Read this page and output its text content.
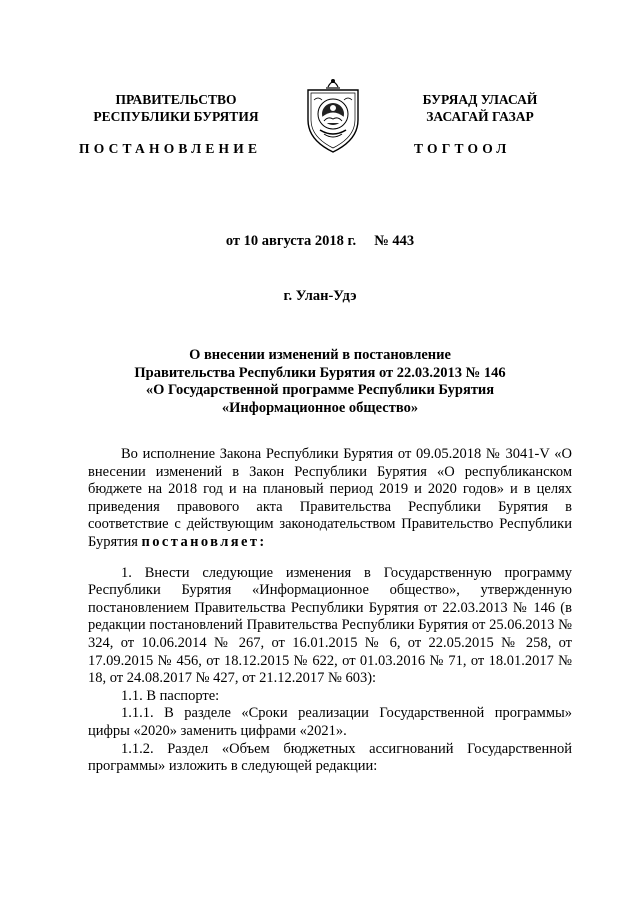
ПРАВИТЕЛЬСТВО
РЕСПУБЛИКИ БУРЯТИЯ
ПОСТАНОВЛЕНИЕ
БУРЯАД УЛАСАЙ
ЗАСАГАЙ ГАЗАР
ТОГТООЛ
от 10 августа 2018 г.     № 443
г. Улан-Удэ
О внесении изменений в постановление
Правительства Республики Бурятия от 22.03.2013 № 146
«О Государственной программе Республики Бурятия
«Информационное общество»

Во исполнение Закона Республики Бурятия от 09.05.2018 № 3041-V «О внесении изменений в Закон Республики Бурятия «О республиканском бюджете на 2018 год и на плановый период 2019 и 2020 годов» и в целях приведения правового акта Правительства Республики Бурятия в соответствие с действующим законодательством Правительство Республики Бурятия постановляет:

1. Внести следующие изменения в Государственную программу Республики Бурятия «Информационное общество», утвержденную постановлением Правительства Республики Бурятия от 22.03.2013 № 146 (в редакции постановлений Правительства Республики Бурятия от 25.06.2013 № 324, от 10.06.2014 № 267, от 16.01.2015 № 6, от 22.05.2015 № 258, от 17.09.2015 № 456, от 18.12.2015 № 622, от 01.03.2016 № 71, от 18.01.2017 № 18, от 24.08.2017 № 427, от 21.12.2017 № 603):

1.1. В паспорте:

1.1.1. В разделе «Сроки реализации Государственной программы» цифры «2020» заменить цифрами «2021».

1.1.2. Раздел «Объем бюджетных ассигнований Государственной программы» изложить в следующей редакции:
